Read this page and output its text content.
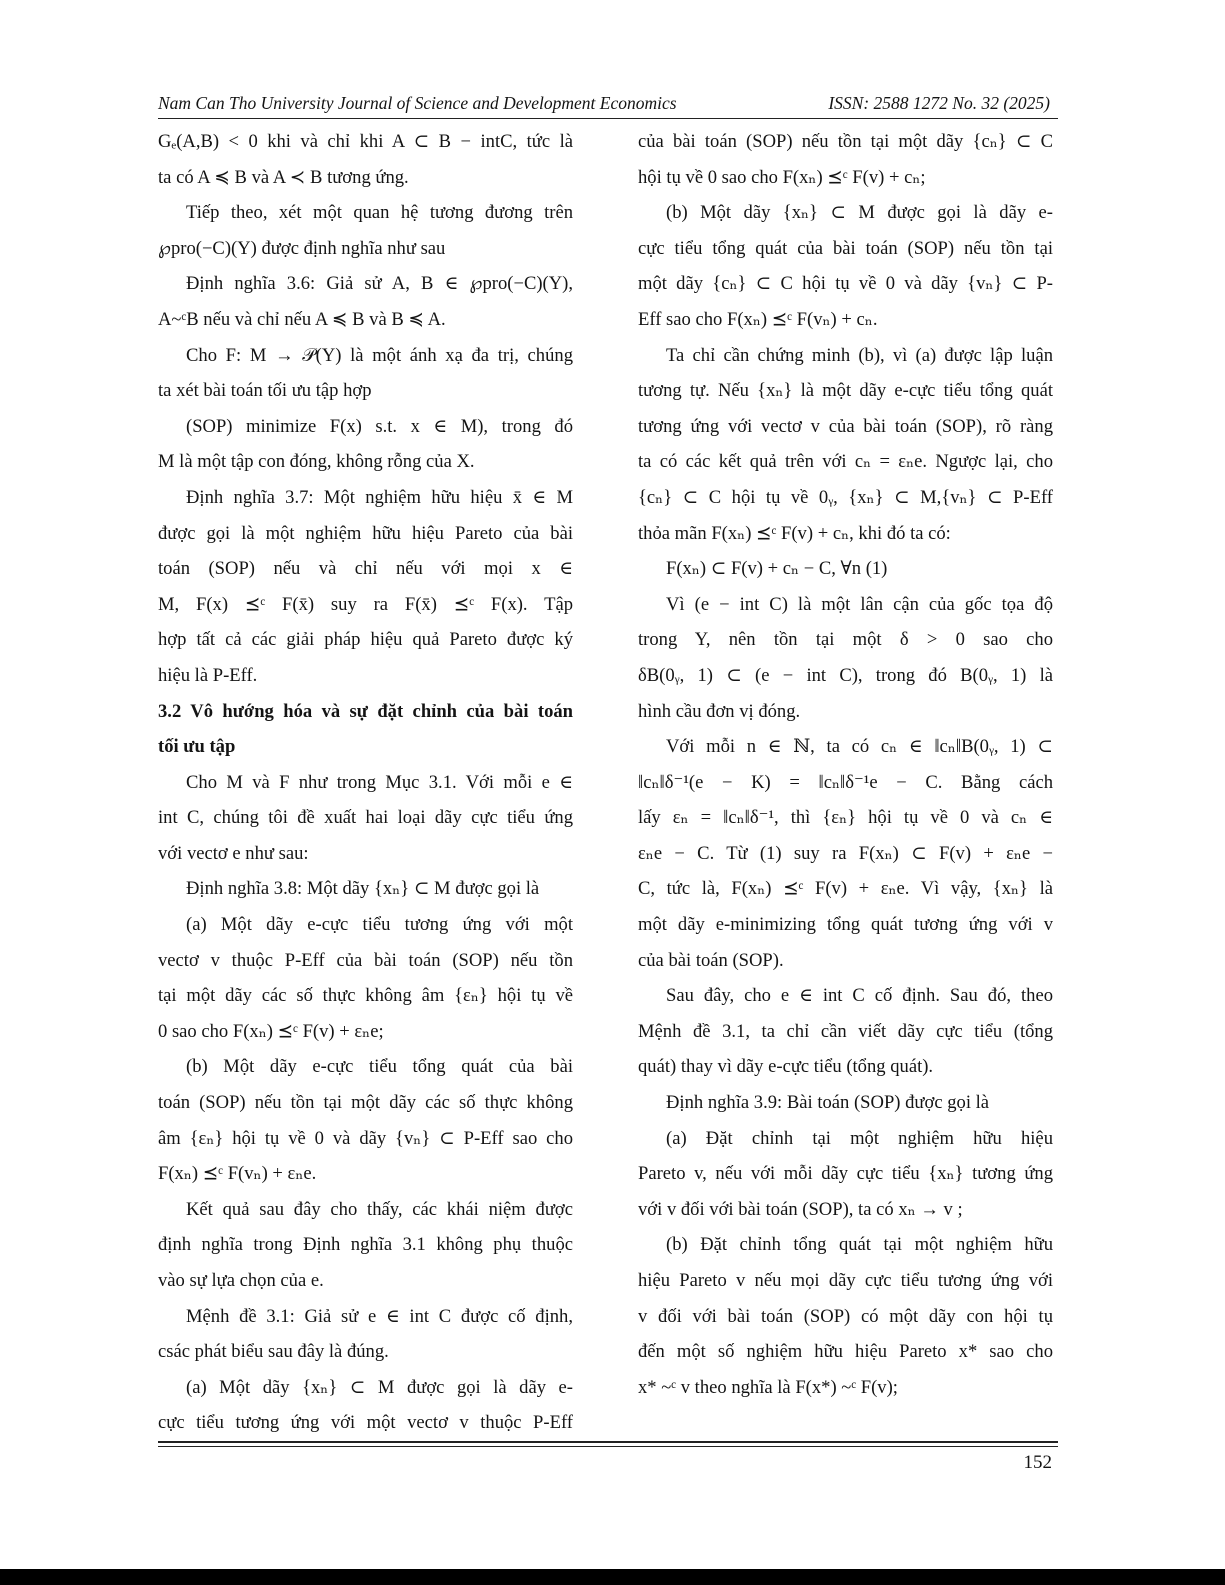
Nam Can Tho University Journal of Science and Development Economics	ISSN: 2588 1272 No. 32 (2025)
Gₑ(A,B) < 0 khi và chỉ khi A ⊂ B − intC, tức là
ta có A ≼ B và A ≺ B tương ứng.
Tiếp theo, xét một quan hệ tương đương trên
℘pro(−C)(Y) được định nghĩa như sau
Định nghĩa 3.6: Giả sử A, B ∈ ℘pro(−C)(Y),
A~ᶜB nếu và chỉ nếu A ≼ B và B ≼ A.
Cho F: M → 𝒫(Y) là một ánh xạ đa trị, chúng
ta xét bài toán tối ưu tập hợp
(SOP) minimize F(x) s.t. x ∈ M), trong đó
M là một tập con đóng, không rỗng của X.
Định nghĩa 3.7: Một nghiệm hữu hiệu x̄ ∈ M
được gọi là một nghiệm hữu hiệu Pareto của bài
toán (SOP) nếu và chỉ nếu với mọi x ∈
M, F(x) ⪯ᶜ F(x̄) suy ra F(x̄) ⪯ᶜ F(x). Tập
hợp tất cả các giải pháp hiệu quả Pareto được ký
hiệu là P-Eff.
3.2 Vô hướng hóa và sự đặt chỉnh của bài toán
tối ưu tập
Cho M và F như trong Mục 3.1. Với mỗi e ∈
int C, chúng tôi đề xuất hai loại dãy cực tiểu ứng
với vectơ e như sau:
Định nghĩa 3.8: Một dãy {xₙ} ⊂ M được gọi là
(a) Một dãy e-cực tiểu tương ứng với một
vectơ v thuộc P-Eff của bài toán (SOP) nếu tồn
tại một dãy các số thực không âm {εₙ} hội tụ về
0 sao cho F(xₙ) ⪯ᶜ F(v) + εₙe;
(b) Một dãy e-cực tiểu tổng quát của bài
toán (SOP) nếu tồn tại một dãy các số thực không
âm {εₙ} hội tụ về 0 và dãy {vₙ} ⊂ P-Eff sao cho
F(xₙ) ⪯ᶜ F(vₙ) + εₙe.
Kết quả sau đây cho thấy, các khái niệm được
định nghĩa trong Định nghĩa 3.1 không phụ thuộc
vào sự lựa chọn của e.
Mệnh đề 3.1: Giả sử e ∈ int C được cố định,
csác phát biểu sau đây là đúng.
(a) Một dãy {xₙ} ⊂ M được gọi là dãy e-
cực tiểu tương ứng với một vectơ v thuộc P-Eff
của bài toán (SOP) nếu tồn tại một dãy {cₙ} ⊂ C
hội tụ về 0 sao cho F(xₙ) ⪯ᶜ F(v) + cₙ;
(b) Một dãy {xₙ} ⊂ M được gọi là dãy e-
cực tiểu tổng quát của bài toán (SOP) nếu tồn tại
một dãy {cₙ} ⊂ C hội tụ về 0 và dãy {vₙ} ⊂ P-
Eff sao cho F(xₙ) ⪯ᶜ F(vₙ) + cₙ.
Ta chỉ cần chứng minh (b), vì (a) được lập luận
tương tự. Nếu {xₙ} là một dãy e-cực tiểu tổng quát
tương ứng với vectơ v của bài toán (SOP), rõ ràng
ta có các kết quả trên với cₙ = εₙe. Ngược lại, cho
{cₙ} ⊂ C hội tụ về 0ᵧ, {xₙ} ⊂ M,{vₙ} ⊂ P-Eff
thỏa mãn F(xₙ) ⪯ᶜ F(v) + cₙ, khi đó ta có:
F(xₙ) ⊂ F(v) + cₙ − C, ∀n (1)
Vì (e − int C) là một lân cận của gốc tọa độ
trong Y, nên tồn tại một δ > 0 sao cho
δB(0ᵧ, 1) ⊂ (e − int C), trong đó B(0ᵧ, 1) là
hình cầu đơn vị đóng.
Với mỗi n ∈ ℕ, ta có cₙ ∈ ‖cₙ‖B(0ᵧ, 1) ⊂
‖cₙ‖δ⁻¹(e − K) = ‖cₙ‖δ⁻¹e − C. Bằng cách
lấy εₙ = ‖cₙ‖δ⁻¹, thì {εₙ} hội tụ về 0 và cₙ ∈
εₙe − C. Từ (1) suy ra F(xₙ) ⊂ F(v) + εₙe −
C, tức là, F(xₙ) ⪯ᶜ F(v) + εₙe. Vì vậy, {xₙ} là
một dãy e-minimizing tổng quát tương ứng với v
của bài toán (SOP).
Sau đây, cho e ∈ int C cố định. Sau đó, theo
Mệnh đề 3.1, ta chỉ cần viết dãy cực tiểu (tổng
quát) thay vì dãy e-cực tiểu (tổng quát).
Định nghĩa 3.9: Bài toán (SOP) được gọi là
(a) Đặt chỉnh tại một nghiệm hữu hiệu
Pareto v, nếu với mỗi dãy cực tiểu {xₙ} tương ứng
với v đối với bài toán (SOP), ta có xₙ → v ;
(b) Đặt chỉnh tổng quát tại một nghiệm hữu
hiệu Pareto v nếu mọi dãy cực tiểu tương ứng với
v đối với bài toán (SOP) có một dãy con hội tụ
đến một số nghiệm hữu hiệu Pareto x* sao cho
x* ~ᶜ v theo nghĩa là F(x*) ~ᶜ F(v);
152
